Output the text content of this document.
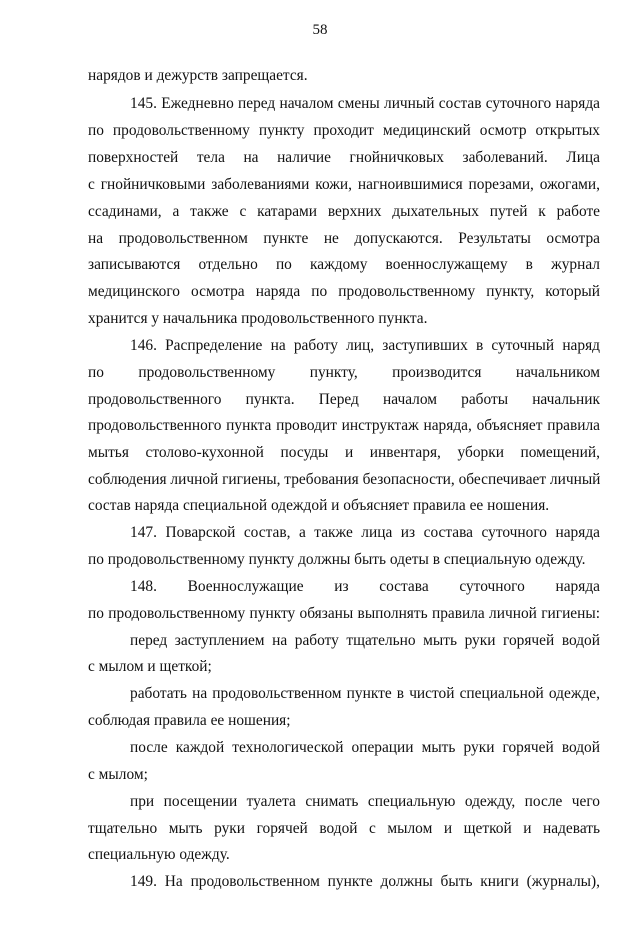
58
нарядов и дежурств запрещается.
145. Ежедневно перед началом смены личный состав суточного наряда
по продовольственному пункту проходит медицинский осмотр открытых
поверхностей тела на наличие гнойничковых заболеваний. Лица
с гнойничковыми заболеваниями кожи, нагноившимися порезами, ожогами,
ссадинами, а также с катарами верхних дыхательных путей к работе
на продовольственном пункте не допускаются. Результаты осмотра
записываются отдельно по каждому военнослужащему в журнал
медицинского осмотра наряда по продовольственному пункту, который
хранится у начальника продовольственного пункта.
146. Распределение на работу лиц, заступивших в суточный наряд
по продовольственному пункту, производится начальником
продовольственного пункта. Перед началом работы начальник
продовольственного пункта проводит инструктаж наряда, объясняет правила
мытья столово-кухонной посуды и инвентаря, уборки помещений,
соблюдения личной гигиены, требования безопасности, обеспечивает личный
состав наряда специальной одеждой и объясняет правила ее ношения.
147. Поварской состав, а также лица из состава суточного наряда
по продовольственному пункту должны быть одеты в специальную одежду.
148. Военнослужащие из состава суточного наряда
по продовольственному пункту обязаны выполнять правила личной гигиены:
перед заступлением на работу тщательно мыть руки горячей водой
с мылом и щеткой;
работать на продовольственном пункте в чистой специальной одежде,
соблюдая правила ее ношения;
после каждой технологической операции мыть руки горячей водой
с мылом;
при посещении туалета снимать специальную одежду, после чего
тщательно мыть руки горячей водой с мылом и щеткой и надевать
специальную одежду.
149. На продовольственном пункте должны быть книги (журналы),
